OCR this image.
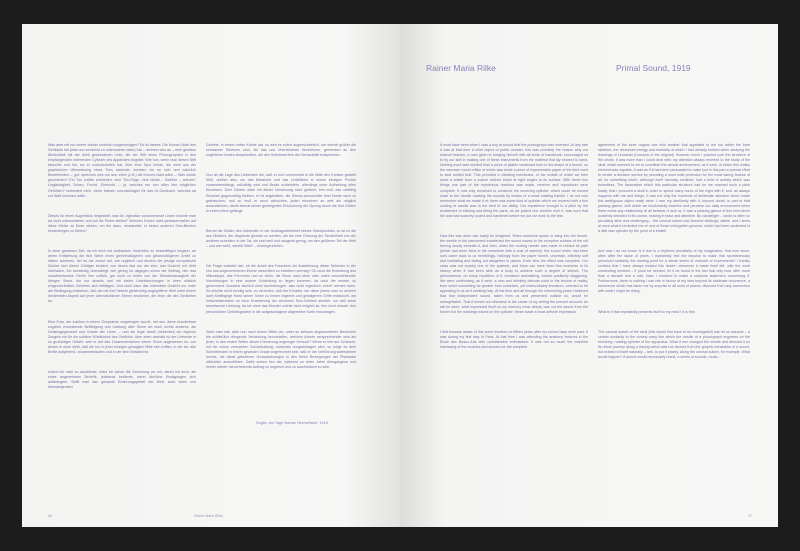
Was aber mit nur immer wieder innerlich vorgeschlagen? Es ist dieses: Die Kronen-Naht des Schädels hat (was nun zunächst zu untersuchen wäre) hat – nehmen wirs an – eine gewisse Ähnlichkeit mit der dicht gewundenen Linie, die der Stift eines Phonographen in den empfangenden rotierenden Cylinder des Apparates eingräbt. Wie nun, wenn man diesen Stift täuschte und ihn, wo er zurückzuleiten hat, über eine Spur lenkte, die nicht aus der graphischen Übersetzung eines Tons stammte, sondern ein an sich und natürlich Bestehendes –, gut: sprechen wirs nur aus: eben (z.B.) die Kronen-Naht wäre –: Was würde geschehen? Ein Ton müßte entstehen, eine Ton-Folge, eine Musik... Gefühle – welche? Ungläubigkeit, Scheu, Furcht, Ehrfurcht –: ja, welches nur von allen hier möglichen Gefühlen? verhindert mich, einen Namen vorzuschlagen für das Ur-Geräusch, welches da zur Welt kommen sollte...

Dieses für einen Augenblick hingestellt: was für, irgendwo vorkommende Linien möchte man da nicht unterschieben und auf die Probe stellen? Welchen Kontur nicht gewissermaßen auf diese Weise zu Ende ziehen, um ihn dann, verwandelt, in einem anderen Sinn-Bereich herandringen zu fühlen?

In einer gewissen Zeit, da ich mich mit arabischen Gedichten zu beschäftigen begann, an deren Entstehung die fünf Sinne einen gleichmäßigeren und gleichmäßigeren Anteil zu haben scheinen, fiel es mir zuerst auf, wie ungleich und einzeln der jetzige europäische Dichter sich dieser Zuträger bedient, von denen fast nur der eine, das Gesicht, mit Welt überladen, ihn beständig überwältigt; wie gering ist dagegen schon der Beitrag, den das unaufmerksame Gehör ihm zuflößt, gar nicht zu reden von der Teilnahmslosigkeit der übrigen Sinne, die nur abseits und mit vielen Unterbrechungen in ihren nützlich eingeschränkten Gebieten sich betätigen. Und doch kann das vollendete Gedicht nur unter der Bedingung entstehen, daß die mit fünf Hebeln gleichzeitig angegriffene Welt unter einem bestimmten Aspekt auf jener übernatürlichen Ebene erscheine, die eben die des Gedichtes ist.

Eine Frau, der solches in einem Gespräche vorgetragen wurde, rief aus, diese wunderbare zugleich einsetzende Befähigung und Leistung aller Sinne sei doch nichts anderes, als Geistesgegenwart und Gnade der Liebe, – und sie legte damit (nebenbei) ein eigenes Zeugnis ein für die sublime Wirklichkeit des Gedichts. Aber eben deshalb ist der Liebende in so großartiger Gefahr, weil er auf das Zusammenwirken seiner Sinne angewiesen ist, von denen er doch weiß, daß sie nur in jener einzigen gewagten Mitte sich treffen, in der sie, alle Breite aufgebend, zusammenlaufen und in der kein Bestand ist.

Indem ich mich so ausdrücke, habe ich schon die Zeichnung vor mir, deren ich mich, als eines angenehmen Behelfs, jedesmal bediente, wenn ähnliche Erwägungen sich aufdrängten. Stellt man das gesamte Erfahrungsgebiet der Welt, auch seine uns übersteigenden

Gebiete, in einem vollen Kreise dar, so wird es sofort augenscheinlich, um wieviel größer die schwarzen Sektoren sind, die das uns Unerfahrbare bezeichnen, gemessen an den ungleichen lichten Ausschnitten, die den Scheinwerfern der Sensualität entsprechen.

Nun ist die Lage des Liebenden die, daß er sich unvermutet in die Mitte des Kreises gestellt fühlt, dorthin also, wo das Bekannte und das Unfaßliche in einem einzigen Punkte zusammendrängt, vollzählig wird und Besitz schlechthin, allerdings unter Aufhebung allen Einzelnen. Dem Dichter wäre mit dieser Versetzung nicht gedient, ihm muß das vielfältig Einzelne gegenwärtig bleiben, er ist angehalten, die Sinnes-Ausschnitte ihrer Breite nach zu gebrauchen, und so muß er auch wünschen, jeden einzelnen so weit als möglich auszudehnen, damit einmal seiner gesteigerten Entzückung der Sprung durch die fünf Gärten in einem Atem gelänge.

Beruht die Gefahr des Liebenden in der Unausgedehntheit seines Standpunktes, so ist es die des Dichters, der Abgründe gewahr zu werden, die die eine Ordnung der Sinnlichkeit von der anderen scheiden: in der Tat, sie sind weit und saugend genug, um den größeren Teil der Welt – und wer weiß, wieviel Welt? – hinwegzureißen.

Die Frage entsteht hier, ob die Arbeit des Forschers die Ausdehnung dieser Sektoren in der von uns angenommenen Ebene wesentlich zu erweitern vermag? Ob nicht die Erwerbung des Mikroskops, des Fernrohrs und so vieler, die Sinne nach oben oder unten verschiebender Vorrichtungen in eine andere Schichtung zu liegen kommen, da doch der meiste, so gewonnene Zuwachs sinnlich nicht durchdrungen, also nicht eigentlich ‚erlebt‘ werden kann. Es möchte nicht voreilig sein, zu vermuten, daß der Künstler, der diese (wenn man so nennen darf) fünffingrige Hand seiner Sinne zu immer regerem und geistigerem Griffe entwickelt, am entscheidendsten an einer Erweiterung der einzelnen Sinn-Gebiete arbeitet, nur daß seine beweisende Leistung, da sie ohne das Wunder zuletzt nicht möglich ist, ihm nicht erlaubt, den persönlichen Gebietsgewinn in die aufgeschlagene allgemeine Karte einzutragen.

Sieht man sich aber nun nach einem Mittel um, unter so seltsam abgesonderten Bereichen die schließlich dringende Verbindung herzustellen, welches könnte versprechender sein als jener, in den ersten Seiten dieser Erinnerung angeregte Versuch? Wenn er hier am Schlusse, mit der schon versuchten Zurückhaltung, nochmals vorgeschlagen wird, so möge es dem Schreibenden in einem gewissen Grade angerechnet sein, daß er der Verführung widerstehen konnte, die damit gebotenen Voraussetzungen in den freien Bewegungen der Phantasie willkürlich auszuführen. Dafür schien ihm der, während so vieler Jahre übergangene und immer wieder hervortretende Auftrag zu begrenzt und zu ausdrücklich zu sein.

Soglio, am Tage Mariae Himmelfahrt, 1919
46	Rainer Maria Rilke
Rainer Maria Rilke	Primal Sound, 1919

It must have been when I was a boy at school that the phonograph was invented. At any rate it was at that time a chief object of public wonder; this was probably the reason why our science teacher, a man given to busying himself with all kinds of handiwork, encouraged us to try our skill in making one of these instruments from the material that lay nearest to hand. Nothing more was needed than a piece of pliable cardboard bent to the shape of a funnel, on the narrower round orifice of which was stuck a piece of impermeable paper of the kind used to seal bottled fruit. This provided a vibrating membrane, in the middle of which we then stuck a bristle from a coarse clothes brush at right angles to its surface. With these few things one part of the mysterious machine was made, receiver and reproducer were complete. It now only remained to construct the receiving cylinder, which could be moved close to the needle marking the sounds by means of a small rotating handle. I do not now remember what we made it of; there was some kind of cylinder which we covered with a thin coating of candle wax to the best of our ability. Our impatience brought to a pitch by the excitement of sticking and fitting the parts, as we jostled one another over it, was such that the wax had scarcely cooled and hardened before we put our work to the test.

How this was done can easily be imagined. When someone spoke or sang into the funnel, the needle in the parchment transferred the sound waves to the receptive surface of the roll turning slowly beneath it, and then, when the moving needle was made to retrace its path (which had been fixed in the meantime with a coat of varnish), the sound which had been ours came back to us tremblingly, haltingly from the paper funnel, uncertain, infinitely soft and hesitating and fading out altogether in places. Each time the effect was complete. Our class was not exactly one of the quietest, and there can have been few moments in its history when it had been able as a body to achieve such a degree of silence. The phenomenon, on every repetition of it, remained astonishing, indeed positively staggering. We were confronting, as it were, a new and infinitely delicate point in the texture of reality, from which something far greater than ourselves, yet indescribably immature, seemed to be appealing to us as if seeking help. At the time and all through the intervening years I believed that that independent sound, taken from us and preserved outside us, would be unforgettable. That it turned out otherwise is the cause of my writing the present account. As will be seen, what impressed itself on my memory most deeply was not the sound from the funnel but the markings traced on the cylinder; these made a most definite impression.

I first became aware of this some fourteen or fifteen years after my school days were past. It was during my first stay in Paris. At that time I was attending the anatomy lectures in the École des Beaux-Arts with considerable enthusiasm. It was not so much the manifold interlacing of the muscles and sinews nor the complete

agreement of the inner organs one with another that appealed to me but rather the bare skeleton, the restrained energy and elasticity of which I had already noticed when studying the drawings of Leonardo [Lionardo in the original]. However much I puzzled over the structure of the whole, it was more than I could deal with; my attention always reverted to the study of the skull, which seemed to me to constitute the utmost achievement, as it were, of which this chalky element was capable; it was as if it had been persuaded to make just in this part a special effort to render a decisive service by providing a most solid protection for the most daring feature of all, for something which, although itself narrowly confined, had a field of activity which was boundless. The fascination which this particular structure had for me reached such a pitch finally, that I procured a skull in order to spend many hours of the night with it; and, as always happens with me and things, it was not only the moments of deliberate attention which made this ambiguous object really mine: I owe my familiarity with it, beyond doubt, in part to that passing glance, with which we involuntarily examine and perceive our daily environment when there exists any relationship at all between it and us. It was a passing glance of this kind which suddenly checked in its course, making it exact and attentive. By candlelight – which is often so peculiarly alive and challenging – the coronal suture had become strikingly visible, and I knew at once what it reminded me of: one of those unforgotten grooves, which had been scratched in a little wax cylinder by the point of a bristle!

And now I do not know: is it due to a rhythmic peculiarity of my imagination, that ever since, often after the lapse of years, I repeatedly feel the impulse to make that spontaneously perceived similarity the starting point for a whole series of unheard of experiments? I frankly confess that I have always treated this desire, whenever it made itself felt, with the most unrelenting mistrust – if proof be needed, let it be found in the fact that only now, after more than a decade and a half, have I resolved to make a cautious statement concerning it. Furthermore, there is nothing I can cite in favour of my idea beyond its obstinate recurrence, a recurrence which has taken me by surprise in all sorts of places, divorced from any connection with what I might be doing.

What is it that repeatedly presents itself to my mind? It is this:

The coronal suture of the skull (this would first have to be investigated) has let us assume – a certain similarity to the closely wavy line which the needle of a phonograph engraves on the receiving, rotating cylinder of the apparatus. What if one changed the needle and directed it on its return journey along a tracing which was not derived from the graphic translation of a sound, but existed of itself naturally – well, to put it plainly, along the coronal suture, for example. What would happen? A sound would necessarily result, a series of sounds, music...

47
